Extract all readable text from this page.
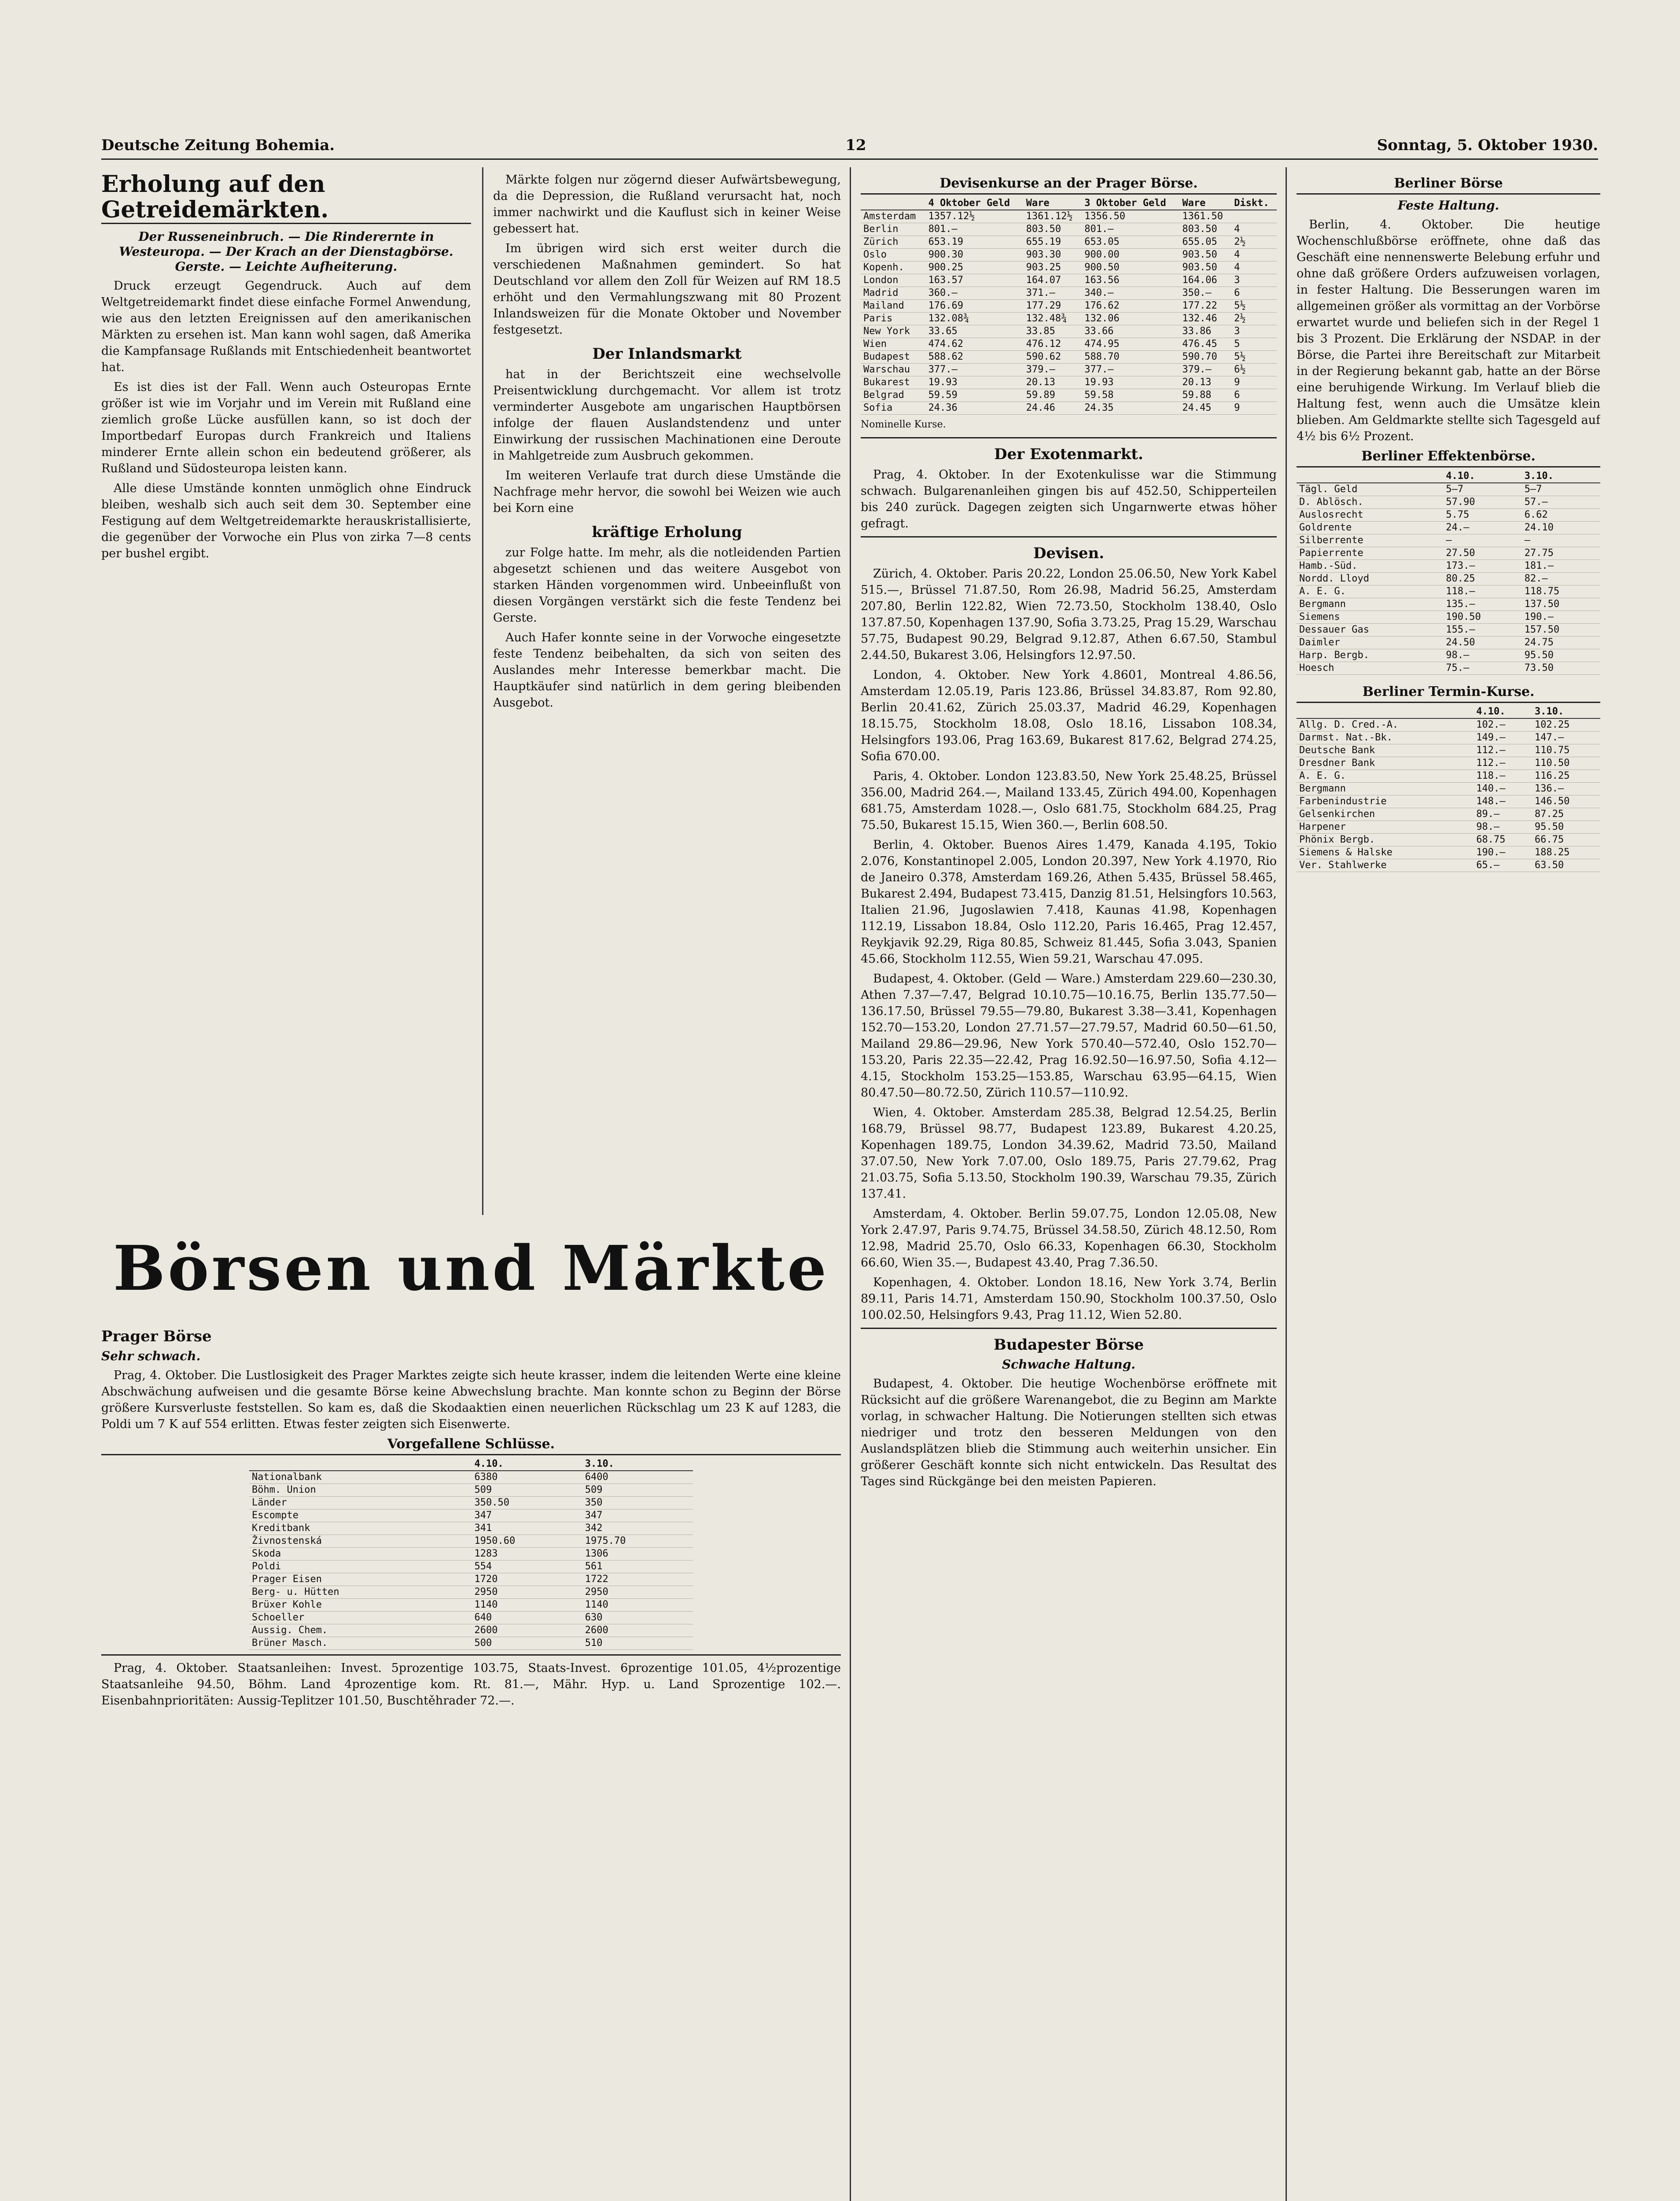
Deutsche Zeitung Bohemia.	12	Sonntag, 5. Oktober 1930.
Erholung auf den Getreidemärkten.
Der Russeneinbruch. — Die Rinderernte in Westeuropa. — Der Krach an der Dienstagbörse. Gerste. — Leichte Aufheiterung.

Druck erzeugt Gegendruck. Auch auf dem Weltgetreidemarkt findet diese einfache Formel Anwendung, wie aus den letzten Ereignissen auf den amerikanischen Märkten zu ersehen ist. Man kann wohl sagen, daß Amerika die Kampfansage Rußlands mit Entschiedenheit beantwortet hat.

Es ist dies ist der Fall. Wenn auch Osteuropas Ernte größer ist wie im Vorjahr und im Verein mit Rußland eine ziemlich große Lücke ausfüllen kann, so ist doch der Importbedarf Europas durch Frankreich und Italiens minderer Ernte allein schon ein bedeutend größerer, als Rußland und Südosteuropa leisten kann.

Alle diese Umstände konnten unmöglich ohne Eindruck bleiben, weshalb sich auch seit dem 30. September eine Festigung auf dem Weltgetreidemarkte herauskristallisierte, die gegenüber der Vorwoche ein Plus von zirka 7—8 cents per bushel ergibt.

Märkte folgen nur zögernd dieser Aufwärtsbewegung, da die Depression, die Rußland verursacht hat, noch immer nachwirkt und die Kauflust sich in keiner Weise gebessert hat.

Im übrigen wird sich erst weiter durch die verschiedenen Maßnahmen gemindert. So hat Deutschland vor allem den Zoll für Weizen auf RM 18.5 erhöht und den Vermahlungszwang mit 80 Prozent Inlandsweizen für die Monate Oktober und November festgesetzt.

Der Inlandsmarkt

hat in der Berichtszeit eine wechselvolle Preisentwicklung durchgemacht. Vor allem ist trotz verminderter Ausgebote am ungarischen Hauptbörsen infolge der flauen Auslandstendenz und unter Einwirkung der russischen Machinationen eine Deroute in Mahlgetreide zum Ausbruch gekommen.

Im weiteren Verlaufe trat durch diese Umstände die Nachfrage mehr hervor, die sowohl bei Weizen wie auch bei Korn eine

kräftige Erholung

zur Folge hatte. Im mehr, als die notleidenden Partien abgesetzt schienen und das weitere Ausgebot von starken Händen vorgenommen wird. Unbeeinflußt von diesen Vorgängen verstärkt sich die feste Tendenz bei Gerste.

Auch Hafer konnte seine in der Vorwoche eingesetzte feste Tendenz beibehalten, da sich von seiten des Auslandes mehr Interesse bemerkbar macht. Die Hauptkäufer sind natürlich in dem gering bleibenden Ausgebot.

Devisenkurse an der Prager Börse.
	4 Oktober Geld	Ware	3 Oktober Geld	Ware	Diskt.
Amsterdam	1357.12½	1361.12½	1356.50	1361.50	
Berlin	801.—	803.50	801.—	803.50	4
Zürich	653.19	655.19	653.05	655.05	2½
Oslo	900.30	903.30	900.00	903.50	4
Kopenh.	900.25	903.25	900.50	903.50	4
London	163.57	164.07	163.56	164.06	3
Madrid	360.—	371.—	340.—	350.—	6
Mailand	176.69	177.29	176.62	177.22	5½
Paris	132.08¾	132.48¾	132.06	132.46	2½
New York	33.65	33.85	33.66	33.86	3
Wien	474.62	476.12	474.95	476.45	5
Budapest	588.62	590.62	588.70	590.70	5½
Warschau	377.—	379.—	377.—	379.—	6½
Bukarest	19.93	20.13	19.93	20.13	9
Belgrad	59.59	59.89	59.58	59.88	6
Sofia	24.36	24.46	24.35	24.45	9
Nominelle Kurse.
Der Exotenmarkt.

Prag, 4. Oktober. In der Exotenkulisse war die Stimmung schwach. Bulgarenanleihen gingen bis auf 452.50, Schipperteilen bis 240 zurück. Dagegen zeigten sich Ungarnwerte etwas höher gefragt.

Devisen.

Zürich, 4. Oktober. Paris 20.22, London 25.06.50, New York Kabel 515.—, Brüssel 71.87.50, Rom 26.98, Madrid 56.25, Amsterdam 207.80, Berlin 122.82, Wien 72.73.50, Stockholm 138.40, Oslo 137.87.50, Kopenhagen 137.90, Sofia 3.73.25, Prag 15.29, Warschau 57.75, Budapest 90.29, Belgrad 9.12.87, Athen 6.67.50, Stambul 2.44.50, Bukarest 3.06, Helsingfors 12.97.50.

London, 4. Oktober. New York 4.8601, Montreal 4.86.56, Amsterdam 12.05.19, Paris 123.86, Brüssel 34.83.87, Rom 92.80, Berlin 20.41.62, Zürich 25.03.37, Madrid 46.29, Kopenhagen 18.15.75, Stockholm 18.08, Oslo 18.16, Lissabon 108.34, Helsingfors 193.06, Prag 163.69, Bukarest 817.62, Belgrad 274.25, Sofia 670.00.

Paris, 4. Oktober. London 123.83.50, New York 25.48.25, Brüssel 356.00, Madrid 264.—, Mailand 133.45, Zürich 494.00, Kopenhagen 681.75, Amsterdam 1028.—, Oslo 681.75, Stockholm 684.25, Prag 75.50, Bukarest 15.15, Wien 360.—, Berlin 608.50.

Berlin, 4. Oktober. Buenos Aires 1.479, Kanada 4.195, Tokio 2.076, Konstantinopel 2.005, London 20.397, New York 4.1970, Rio de Janeiro 0.378, Amsterdam 169.26, Athen 5.435, Brüssel 58.465, Bukarest 2.494, Budapest 73.415, Danzig 81.51, Helsingfors 10.563, Italien 21.96, Jugoslawien 7.418, Kaunas 41.98, Kopenhagen 112.19, Lissabon 18.84, Oslo 112.20, Paris 16.465, Prag 12.457, Reykjavik 92.29, Riga 80.85, Schweiz 81.445, Sofia 3.043, Spanien 45.66, Stockholm 112.55, Wien 59.21, Warschau 47.095.

Budapest, 4. Oktober. (Geld — Ware.) Amsterdam 229.60—230.30, Athen 7.37—7.47, Belgrad 10.10.75—10.16.75, Berlin 135.77.50—136.17.50, Brüssel 79.55—79.80, Bukarest 3.38—3.41, Kopenhagen 152.70—153.20, London 27.71.57—27.79.57, Madrid 60.50—61.50, Mailand 29.86—29.96, New York 570.40—572.40, Oslo 152.70—153.20, Paris 22.35—22.42, Prag 16.92.50—16.97.50, Sofia 4.12—4.15, Stockholm 153.25—153.85, Warschau 63.95—64.15, Wien 80.47.50—80.72.50, Zürich 110.57—110.92.

Wien, 4. Oktober. Amsterdam 285.38, Belgrad 12.54.25, Berlin 168.79, Brüssel 98.77, Budapest 123.89, Bukarest 4.20.25, Kopenhagen 189.75, London 34.39.62, Madrid 73.50, Mailand 37.07.50, New York 7.07.00, Oslo 189.75, Paris 27.79.62, Prag 21.03.75, Sofia 5.13.50, Stockholm 190.39, Warschau 79.35, Zürich 137.41.

Amsterdam, 4. Oktober. Berlin 59.07.75, London 12.05.08, New York 2.47.97, Paris 9.74.75, Brüssel 34.58.50, Zürich 48.12.50, Rom 12.98, Madrid 25.70, Oslo 66.33, Kopenhagen 66.30, Stockholm 66.60, Wien 35.—, Budapest 43.40, Prag 7.36.50.

Kopenhagen, 4. Oktober. London 18.16, New York 3.74, Berlin 89.11, Paris 14.71, Amsterdam 150.90, Stockholm 100.37.50, Oslo 100.02.50, Helsingfors 9.43, Prag 11.12, Wien 52.80.

Budapester Börse
Schwache Haltung.

Budapest, 4. Oktober. Die heutige Wochenbörse eröffnete mit Rücksicht auf die größere Warenangebot, die zu Beginn am Markte vorlag, in schwacher Haltung. Die Notierungen stellten sich etwas niedriger und trotz den besseren Meldungen von den Auslandsplätzen blieb die Stimmung auch weiterhin unsicher. Ein größerer Geschäft konnte sich nicht entwickeln. Das Resultat des Tages sind Rückgänge bei den meisten Papieren.

Berliner Börse
Feste Haltung.

Berlin, 4. Oktober. Die heutige Wochenschlußbörse eröffnete, ohne daß das Geschäft eine nennenswerte Belebung erfuhr und ohne daß größere Orders aufzuweisen vorlagen, in fester Haltung. Die Besserungen waren im allgemeinen größer als vormittag an der Vorbörse erwartet wurde und beliefen sich in der Regel 1 bis 3 Prozent. Die Erklärung der NSDAP. in der Börse, die Partei ihre Bereitschaft zur Mitarbeit in der Regierung bekannt gab, hatte an der Börse eine beruhigende Wirkung. Im Verlauf blieb die Haltung fest, wenn auch die Umsätze klein blieben. Am Geldmarkte stellte sich Tagesgeld auf 4½ bis 6½ Prozent.

Berliner Effektenbörse.
	4.10.	3.10.
Tägl. Geld	5—7	5—7
D. Ablösch.	57.90	57.—
Auslosrecht	5.75	6.62
Goldrente	24.—	24.10
Silberrente	—	—
Papierrente	27.50	27.75
Hamb.-Süd.	173.—	181.—
Nordd. Lloyd	80.25	82.—
A. E. G.	118.—	118.75
Bergmann	135.—	137.50
Siemens	190.50	190.—
Dessauer Gas	155.—	157.50
Daimler	24.50	24.75
Harp. Bergb.	98.—	95.50
Hoesch	75.—	73.50
Berliner Termin-Kurse.
	4.10.	3.10.
Allg. D. Cred.-A.	102.—	102.25
Darmst. Nat.-Bk.	149.—	147.—
Deutsche Bank	112.—	110.75
Dresdner Bank	112.—	110.50
A. E. G.	118.—	116.25
Bergmann	140.—	136.—
Farbenindustrie	148.—	146.50
Gelsenkirchen	89.—	87.25
Harpener	98.—	95.50
Phönix Bergb.	68.75	66.75
Siemens & Halske	190.—	188.25
Ver. Stahlwerke	65.—	63.50
Börsen und Märkte
Prager Börse
Sehr schwach.

Prag, 4. Oktober. Die Lustlosigkeit des Prager Marktes zeigte sich heute krasser, indem die leitenden Werte eine kleine Abschwächung aufweisen und die gesamte Börse keine Abwechslung brachte. Man konnte schon zu Beginn der Börse größere Kursverluste feststellen. So kam es, daß die Skodaaktien einen neuerlichen Rückschlag um 23 K auf 1283, die Poldi um 7 K auf 554 erlitten. Etwas fester zeigten sich Eisenwerte.

Vorgefallene Schlüsse.
	4.10.	3.10.
Nationalbank	6380	6400
Böhm. Union	509	509
Länder	350.50	350
Escompte	347	347
Kreditbank	341	342
Živnostenská	1950.60	1975.70
Skoda	1283	1306
Poldi	554	561
Prager Eisen	1720	1722
Berg- u. Hütten	2950	2950
Brüxer Kohle	1140	1140
Schoeller	640	630
Aussig. Chem.	2600	2600
Brüner Masch.	500	510

Prag, 4. Oktober. Staatsanleihen: Invest. 5prozentige 103.75, Staats-Invest. 6prozentige 101.05, 4½prozentige Staatsanleihe 94.50, Böhm. Land 4prozentige kom. Rt. 81.—, Mähr. Hyp. u. Land Sprozentige 102.—. Eisenbahnprioritäten: Aussig-Teplitzer 101.50, Buschtěhrader 72.—.
